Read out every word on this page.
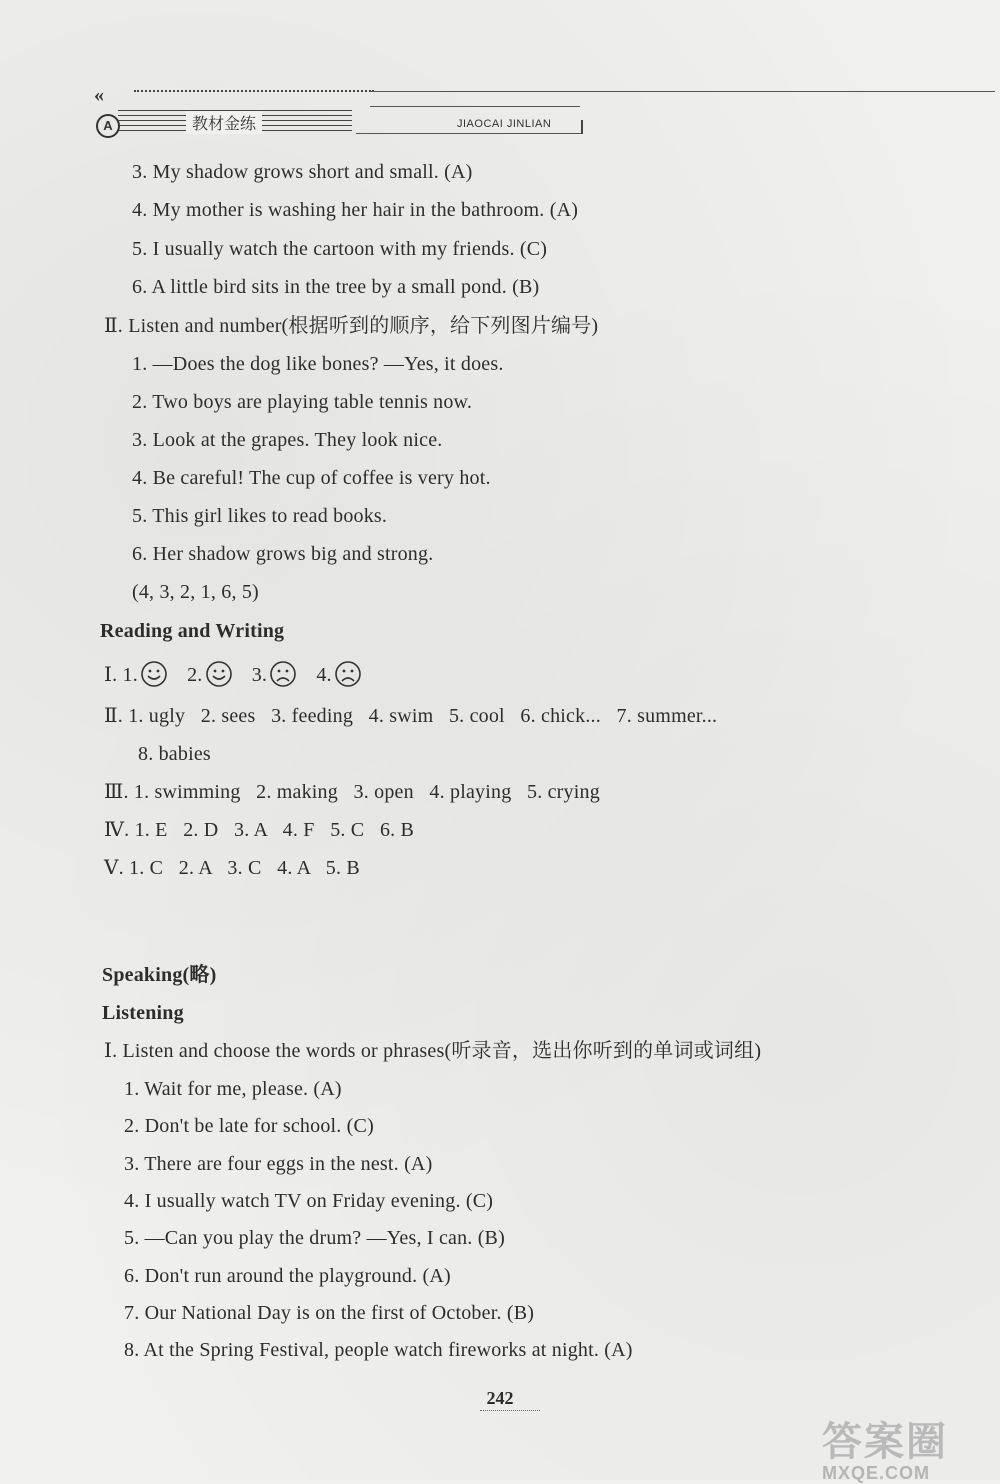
«
A	教材金练	JIAOCAI JINLIAN
3. My shadow grows short and small. (A)
4. My mother is washing her hair in the bathroom. (A)
5. I usually watch the cartoon with my friends. (C)
6. A little bird sits in the tree by a small pond. (B)
Ⅱ. Listen and number(根据听到的顺序，给下列图片编号)
1. —Does the dog like bones? —Yes, it does.
2. Two boys are playing table tennis now.
3. Look at the grapes. They look nice.
4. Be careful! The cup of coffee is very hot.
5. This girl likes to read books.
6. Her shadow grows big and strong.
(4, 3, 2, 1, 6, 5)
Reading and Writing
Ⅰ. 1. 2. 3. 4.
Ⅱ. 1. ugly   2. sees   3. feeding   4. swim   5. cool   6. chick...   7. summer...
8. babies
Ⅲ. 1. swimming   2. making   3. open   4. playing   5. crying
Ⅳ. 1. E   2. D   3. A   4. F   5. C   6. B
Ⅴ. 1. C   2. A   3. C   4. A   5. B
Speaking(略)
Listening
Ⅰ. Listen and choose the words or phrases(听录音，选出你听到的单词或词组)
1. Wait for me, please. (A)
2. Don't be late for school. (C)
3. There are four eggs in the nest. (A)
4. I usually watch TV on Friday evening. (C)
5. —Can you play the drum? —Yes, I can. (B)
6. Don't run around the playground. (A)
7. Our National Day is on the first of October. (B)
8. At the Spring Festival, people watch fireworks at night. (A)
242
答案圈
MXQE.COM
